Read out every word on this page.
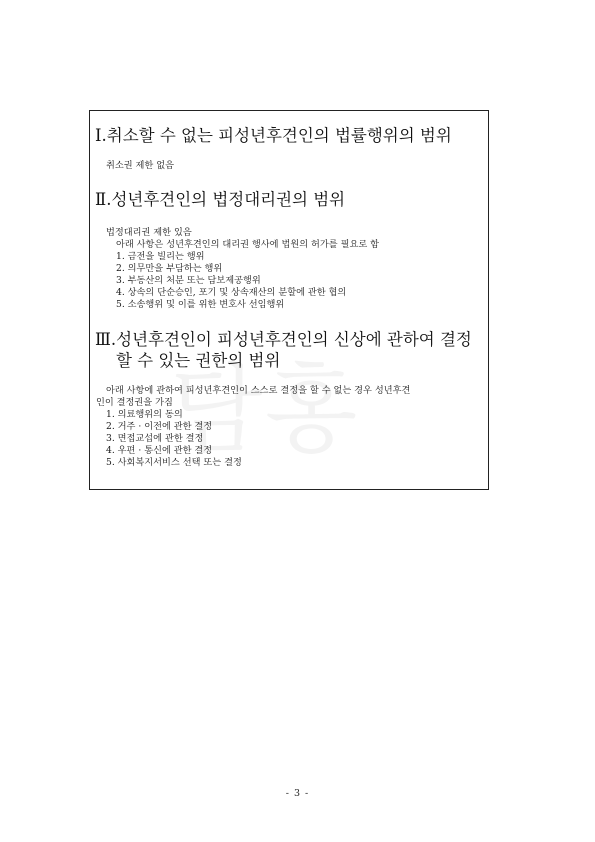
Ⅰ.취소할 수 없는 피성년후견인의 법률행위의 범위
취소권 제한 없음
Ⅱ.성년후견인의 법정대리권의 범위
법정대리권 제한 있음
아래 사항은 성년후견인의 대리권 행사에 법원의 허가를 필요로 함
1. 금전을 빌리는 행위
2. 의무만을 부담하는 행위
3. 부동산의 처분 또는 담보제공행위
4. 상속의 단순승인, 포기 및 상속재산의 분할에 관한 협의
5. 소송행위 및 이를 위한 변호사 선임행위
Ⅲ.성년후견인이 피성년후견인의 신상에 관하여 결정
할 수 있는 권한의 범위
아래 사항에 관하여 피성년후견인이 스스로 결정을 할 수 없는 경우 성년후견
인이 결정권을 가짐
1. 의료행위의 동의
2. 거주 · 이전에 관한 결정
3. 면접교섭에 관한 결정
4. 우편 · 통신에 관한 결정
5. 사회복지서비스 선택 또는 결정
- 3 -
